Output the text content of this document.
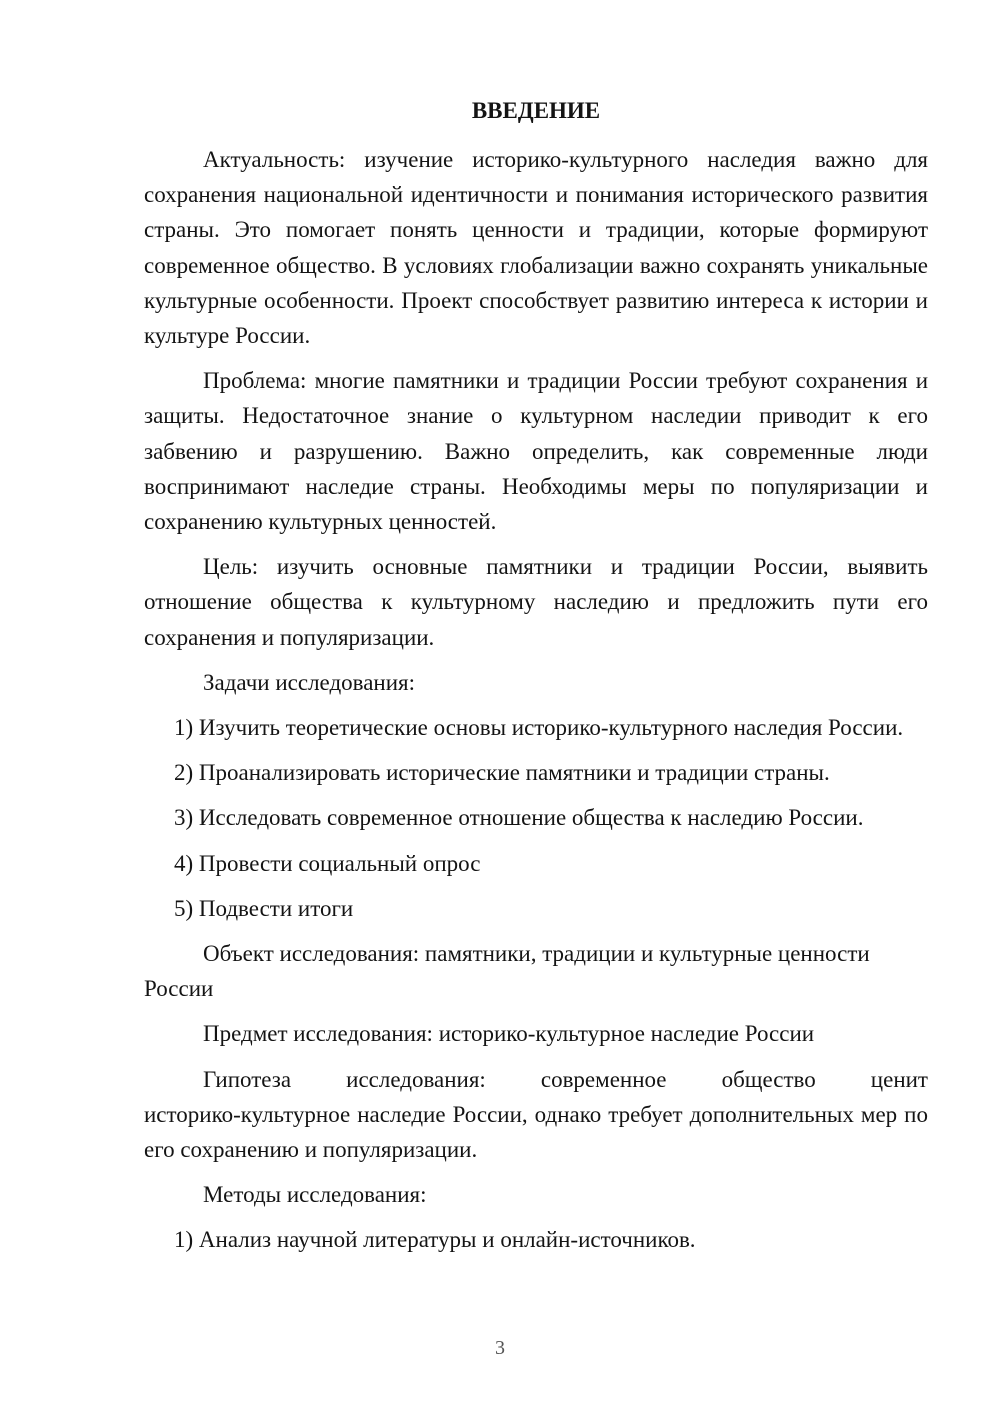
ВВЕДЕНИЕ

Актуальность: изучение историко-культурного наследия важно для сохранения национальной идентичности и понимания исторического развития страны. Это помогает понять ценности и традиции, которые формируют современное общество. В условиях глобализации важно сохранять уникальные культурные особенности. Проект способствует развитию интереса к истории и культуре России.

Проблема: многие памятники и традиции России требуют сохранения и защиты. Недостаточное знание о культурном наследии приводит к его забвению и разрушению. Важно определить, как современные люди воспринимают наследие страны. Необходимы меры по популяризации и сохранению культурных ценностей.

Цель: изучить основные памятники и традиции России, выявить отношение общества к культурному наследию и предложить пути его сохранения и популяризации.

Задачи исследования:

1) Изучить теоретические основы историко-культурного наследия России.

2) Проанализировать исторические памятники и традиции страны.

3) Исследовать современное отношение общества к наследию России.

4) Провести социальный опрос

5) Подвести итоги

Объект исследования: памятники, традиции и культурные ценности России

Предмет исследования: историко-культурное наследие России

Гипотеза исследования: современное общество ценит
историко-культурное наследие России, однако требует дополнительных мер по его сохранению и популяризации.

Методы исследования:

1) Анализ научной литературы и онлайн-источников.

3
